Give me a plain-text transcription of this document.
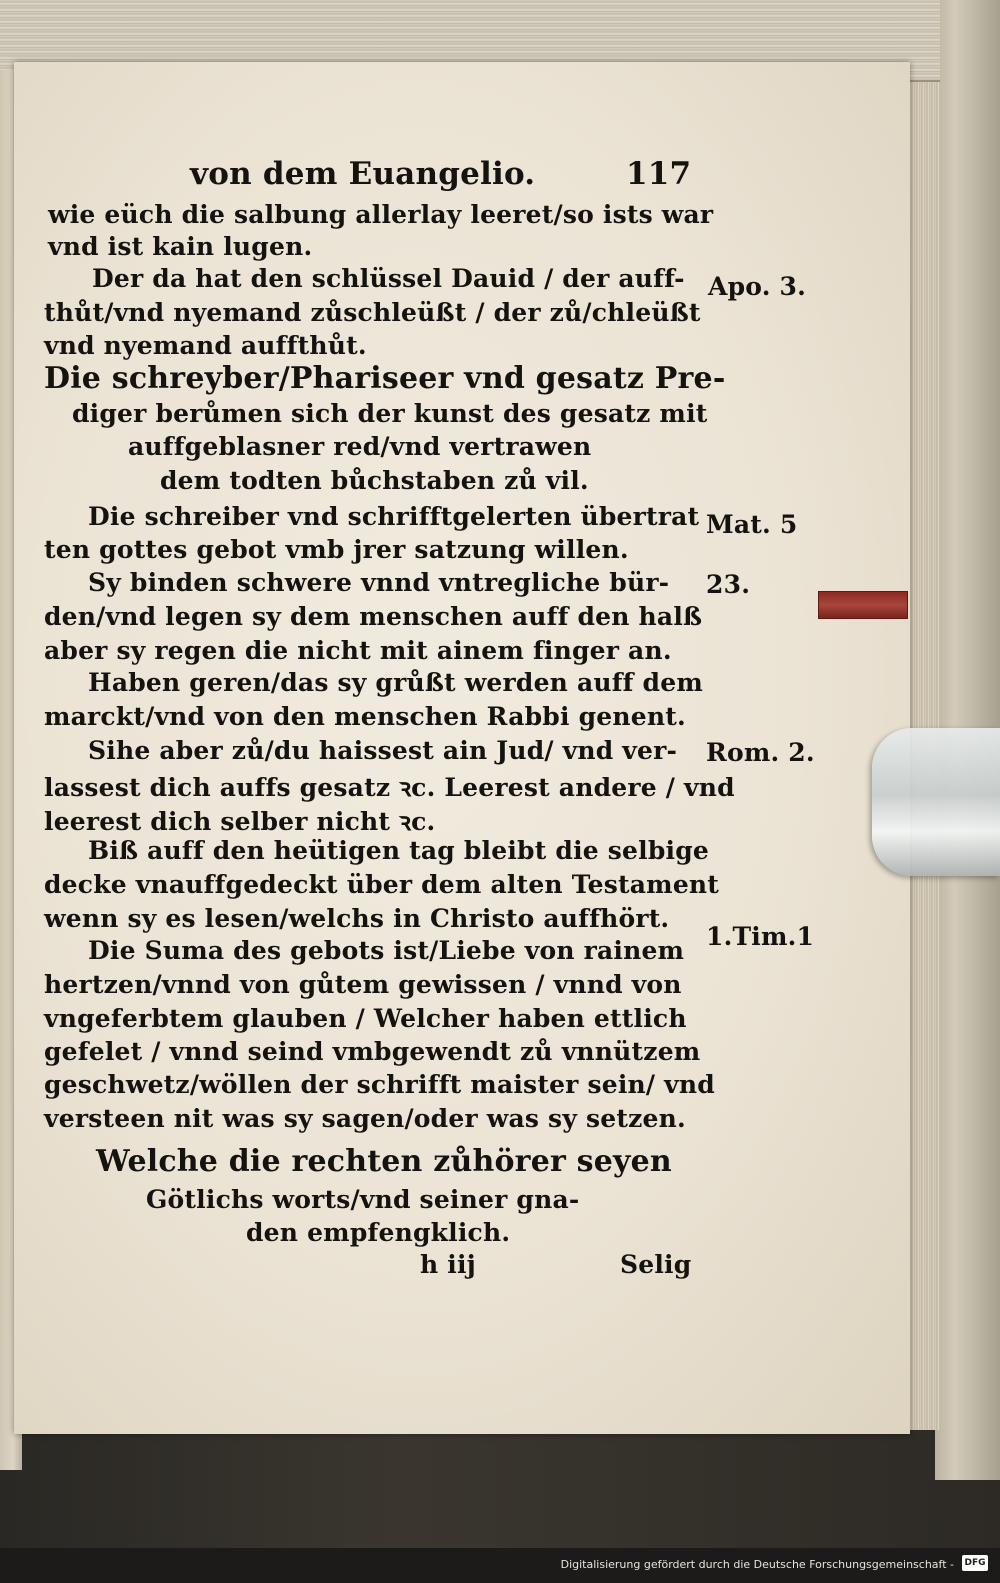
von dem Euangelio.	117
wie eüch die salbung allerlay leeret/so ists war
vnd ist kain lugen.
Der da hat den schlüssel Dauid / der auff-
thůt/vnd nyemand zůschleüßt / der zů/chleüßt
vnd nyemand auffthůt.
Die schreyber/Phariseer vnd gesatz Pre-
diger berůmen sich der kunst des gesatz mit
auffgeblasner red/vnd vertrawen
dem todten bůchstaben zů vil.
Die schreiber vnd schrifftgelerten übertrat
ten gottes gebot vmb jrer satzung willen.
Sy binden schwere vnnd vntregliche bür-
den/vnd legen sy dem menschen auff den halß
aber sy regen die nicht mit ainem finger an.
Haben geren/das sy grůßt werden auff dem
marckt/vnd von den menschen Rabbi genent.
Sihe aber zů/du haissest ain Jud/ vnd ver-
lassest dich auffs gesatz ꝛc. Leerest andere / vnd
leerest dich selber nicht ꝛc.
Biß auff den heütigen tag bleibt die selbige
decke vnauffgedeckt über dem alten Testament
wenn sy es lesen/welchs in Christo auffhört.
Die Suma des gebots ist/Liebe von rainem
hertzen/vnnd von gůtem gewissen / vnnd von
vngeferbtem glauben / Welcher haben ettlich
gefelet / vnnd seind vmbgewendt zů vnnützem
geschwetz/wöllen der schrifft maister sein/ vnd
versteen nit was sy sagen/oder was sy setzen.
Welche die rechten zůhörer seyen
Götlichs worts/vnd seiner gna-
den empfengklich.
h iij	Selig
Apo. 3.
Mat. 5
23.
Rom. 2.
1.Tim.1
Digitalisierung gefördert durch die Deutsche Forschungsgemeinschaft - DFG
